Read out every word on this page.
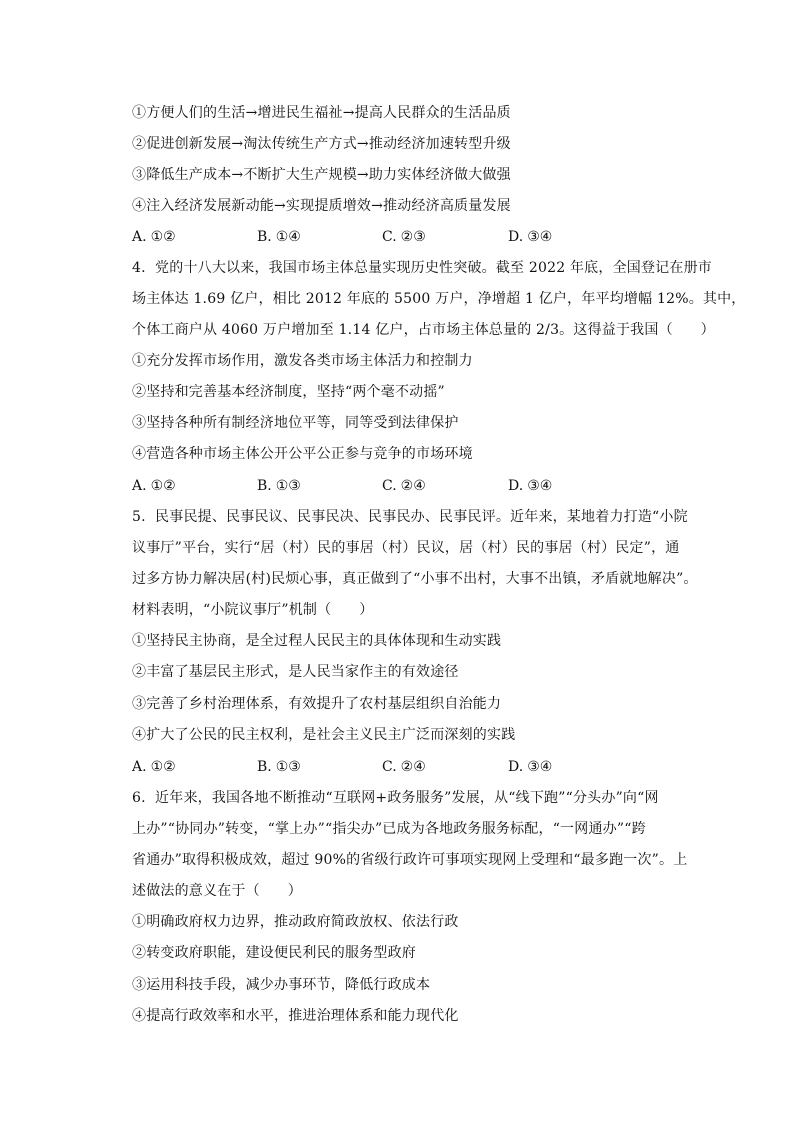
①方便人们的生活→增进民生福祉→提高人民群众的生活品质
②促进创新发展→淘汰传统生产方式→推动经济加速转型升级
③降低生产成本→不断扩大生产规模→助力实体经济做大做强
④注入经济发展新动能→实现提质增效→推动经济高质量发展
A. ①②	B. ①④	C. ②③	D. ③④
4.  党的十八大以来，我国市场主体总量实现历史性突破。截至 2022 年底，全国登记在册市
场主体达 1.69 亿户，相比 2012 年底的 5500 万户，净增超 1 亿户，年平均增幅 12%。其中，
个体工商户从 4060 万户增加至 1.14 亿户，占市场主体总量的 2/3。这得益于我国（      ）
①充分发挥市场作用，激发各类市场主体活力和控制力
②坚持和完善基本经济制度，坚持“两个毫不动摇”
③坚持各种所有制经济地位平等，同等受到法律保护
④营造各种市场主体公开公平公正参与竞争的市场环境
A. ①②	B. ①③	C. ②④	D. ③④
5.  民事民提、民事民议、民事民决、民事民办、民事民评。近年来，某地着力打造“小院
议事厅”平台，实行“居（村）民的事居（村）民议，居（村）民的事居（村）民定”，通
过多方协力解决居(村)民烦心事，真正做到了“小事不出村，大事不出镇，矛盾就地解决”。
材料表明，“小院议事厅”机制（      ）
①坚持民主协商，是全过程人民民主的具体体现和生动实践
②丰富了基层民主形式，是人民当家作主的有效途径
③完善了乡村治理体系，有效提升了农村基层组织自治能力
④扩大了公民的民主权利，是社会主义民主广泛而深刻的实践
A. ①②	B. ①③	C. ②④	D. ③④
6.  近年来，我国各地不断推动“互联网+政务服务”发展，从“线下跑”“分头办”向“网
上办”“协同办”转变，“掌上办”“指尖办”已成为各地政务服务标配，“一网通办”“跨
省通办”取得积极成效，超过 90%的省级行政许可事项实现网上受理和“最多跑一次”。上
述做法的意义在于（      ）
①明确政府权力边界，推动政府简政放权、依法行政
②转变政府职能，建设便民利民的服务型政府
③运用科技手段，减少办事环节，降低行政成本
④提高行政效率和水平，推进治理体系和能力现代化
